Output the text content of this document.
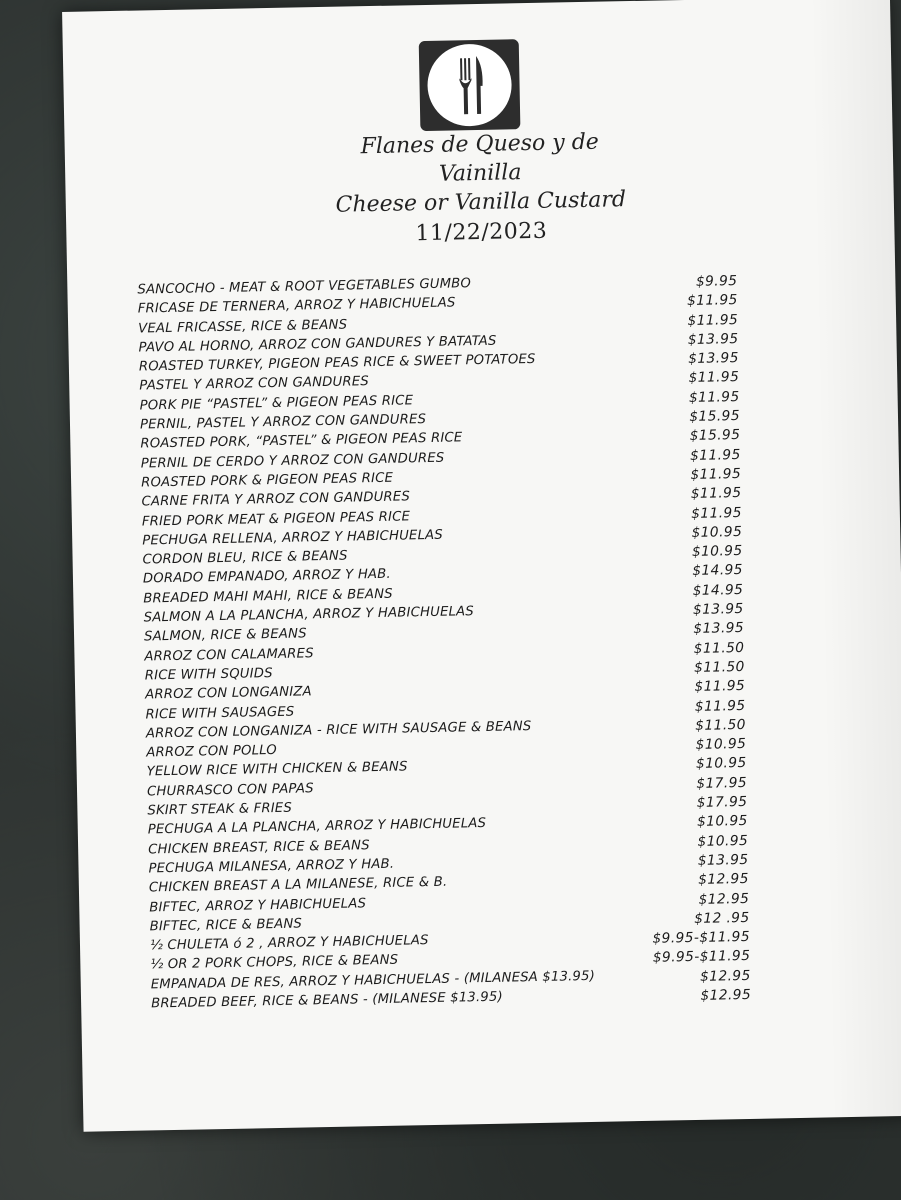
Flanes de Queso y de
Vainilla
Cheese or Vanilla Custard
11/22/2023
SANCOCHO - MEAT & ROOT VEGETABLES GUMBO	$9.95
FRICASE DE TERNERA, ARROZ Y HABICHUELAS	$11.95
VEAL FRICASSE, RICE & BEANS	$11.95
PAVO AL HORNO, ARROZ CON GANDURES Y BATATAS	$13.95
ROASTED TURKEY, PIGEON PEAS RICE & SWEET POTATOES	$13.95
PASTEL Y ARROZ CON GANDURES	$11.95
PORK PIE “PASTEL” & PIGEON PEAS RICE	$11.95
PERNIL, PASTEL Y ARROZ CON GANDURES	$15.95
ROASTED PORK, “PASTEL” & PIGEON PEAS RICE	$15.95
PERNIL DE CERDO Y ARROZ CON GANDURES	$11.95
ROASTED PORK & PIGEON PEAS RICE	$11.95
CARNE FRITA Y ARROZ CON GANDURES	$11.95
FRIED PORK MEAT & PIGEON PEAS RICE	$11.95
PECHUGA RELLENA, ARROZ Y HABICHUELAS	$10.95
CORDON BLEU, RICE & BEANS	$10.95
DORADO EMPANADO, ARROZ Y HAB.	$14.95
BREADED MAHI MAHI, RICE & BEANS	$14.95
SALMON A LA PLANCHA, ARROZ Y HABICHUELAS	$13.95
SALMON, RICE & BEANS	$13.95
ARROZ CON CALAMARES	$11.50
RICE WITH SQUIDS	$11.50
ARROZ CON LONGANIZA	$11.95
RICE WITH SAUSAGES	$11.95
ARROZ CON LONGANIZA - RICE WITH SAUSAGE & BEANS	$11.50
ARROZ CON POLLO	$10.95
YELLOW RICE WITH CHICKEN & BEANS	$10.95
CHURRASCO CON PAPAS	$17.95
SKIRT STEAK & FRIES	$17.95
PECHUGA A LA PLANCHA, ARROZ Y HABICHUELAS	$10.95
CHICKEN BREAST, RICE & BEANS	$10.95
PECHUGA MILANESA, ARROZ Y HAB.	$13.95
CHICKEN BREAST A LA MILANESE, RICE & B.	$12.95
BIFTEC, ARROZ Y HABICHUELAS	$12.95
BIFTEC, RICE & BEANS	$12 .95
½ CHULETA ó 2 , ARROZ Y HABICHUELAS	$9.95-$11.95
½ OR 2 PORK CHOPS, RICE & BEANS	$9.95-$11.95
EMPANADA DE RES, ARROZ Y HABICHUELAS - (MILANESA $13.95)	$12.95
BREADED BEEF, RICE & BEANS - (MILANESE $13.95)	$12.95
